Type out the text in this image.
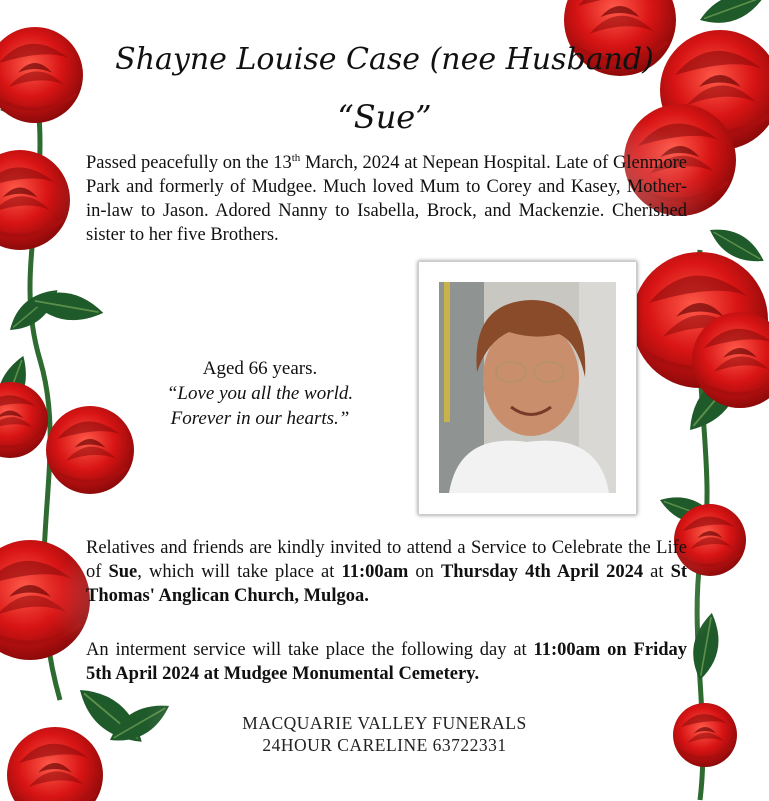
Shayne Louise Case (nee Husband)
“Sue”
Passed peacefully on the 13th March, 2024 at Nepean Hospital. Late of Glenmore Park and formerly of Mudgee. Much loved Mum to Corey and Kasey, Mother-in-law to Jason. Adored Nanny to Isabella, Brock, and Mackenzie. Cherished sister to her five Brothers.
Aged 66 years.
“Love you all the world.
Forever in our hearts.”
Relatives and friends are kindly invited to attend a Service to Celebrate the Life of Sue, which will take place at 11:00am on Thursday 4th April 2024 at St Thomas' Anglican Church, Mulgoa.
An interment service will take place the following day at 11:00am on Friday 5th April 2024 at Mudgee Monumental Cemetery.
MACQUARIE VALLEY FUNERALS
24HOUR CARELINE 63722331
